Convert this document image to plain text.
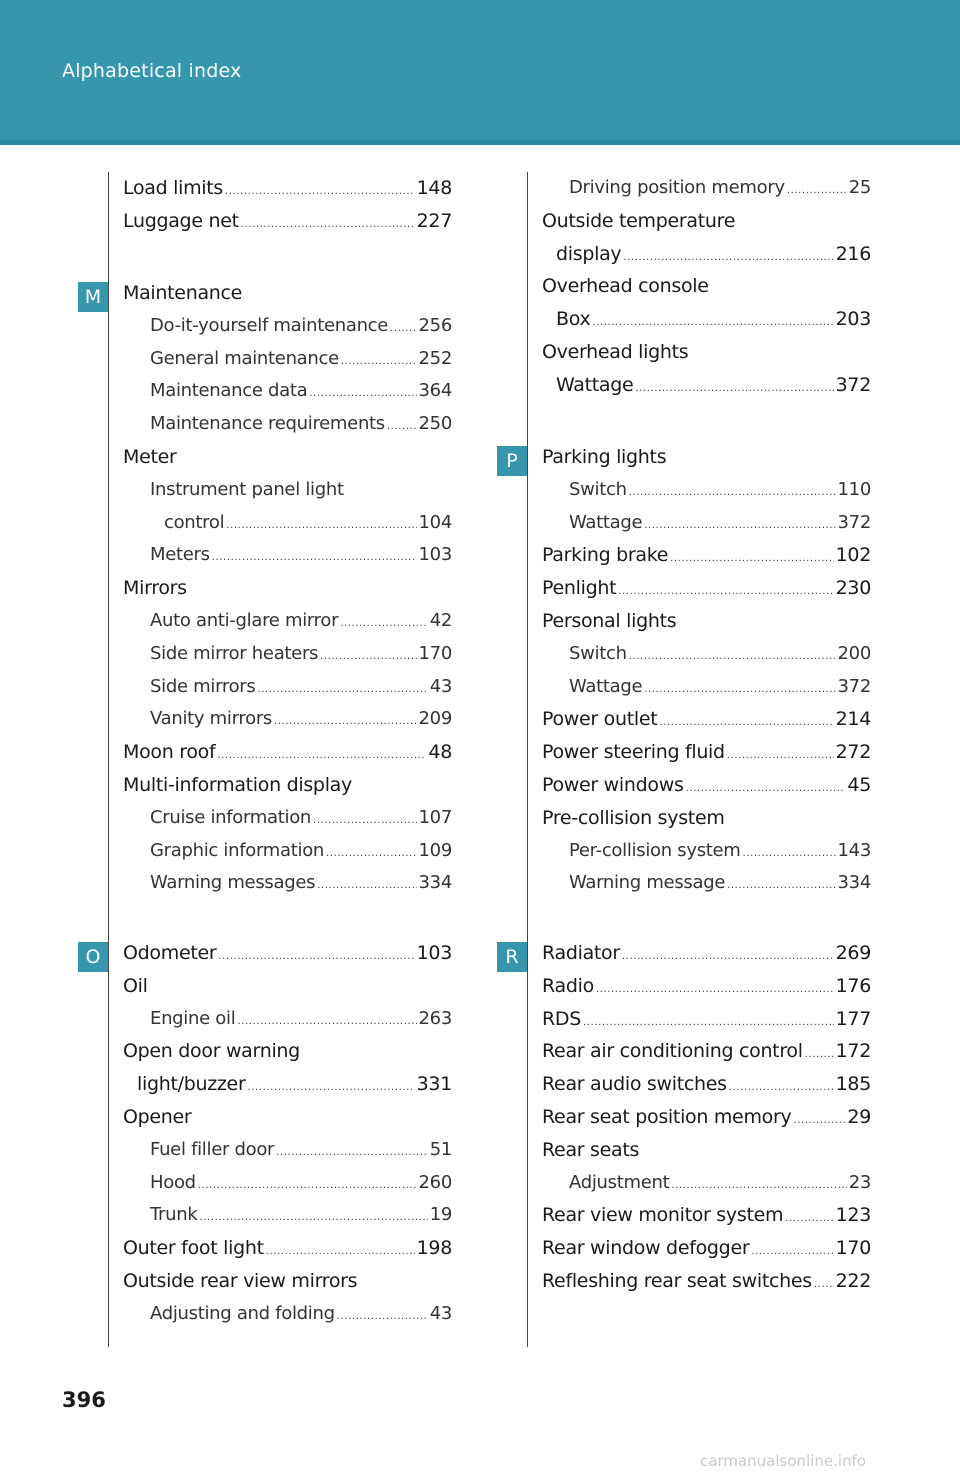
Alphabetical index
M
O
P
R
Load limits .....	148
Luggage net .....	227
Maintenance
Do-it-yourself maintenance ..... 256
General maintenance .....	252
Maintenance data .....	364
Maintenance requirements ..... 250
Meter
Instrument panel light
control .....	104
Meters .....	103
Mirrors
Auto anti-glare mirror .....	42
Side mirror heaters .....	170
Side mirrors .....	43
Vanity mirrors .....	209
Moon roof .....	48
Multi-information display
Cruise information .....	107
Graphic information .....	109
Warning messages .....	334
Odometer .....	103
Oil
Engine oil .....	263
Open door warning
light/buzzer .....	331
Opener
Fuel filler door .....	51
Hood .....	260
Trunk .....	19
Outer foot light .....	198
Outside rear view mirrors
Adjusting and folding .....	43
Driving position memory .....	25
Outside temperature
display .....	216
Overhead console
Box .....	203
Overhead lights
Wattage .....	372
Parking lights
Switch .....	110
Wattage .....	372
Parking brake .....	102
Penlight .....	230
Personal lights
Switch .....	200
Wattage .....	372
Power outlet .....	214
Power steering fluid .....	272
Power windows .....	45
Pre-collision system
Per-collision system .....	143
Warning message .....	334
Radiator .....	269
Radio .....	176
RDS .....	177
Rear air conditioning control ..... 172
Rear audio switches .....	185
Rear seat position memory .....	29
Rear seats
Adjustment .....	23
Rear view monitor system .....	123
Rear window defogger .....	170
Refleshing rear seat switches ..... 222
396
carmanualsonline.info
